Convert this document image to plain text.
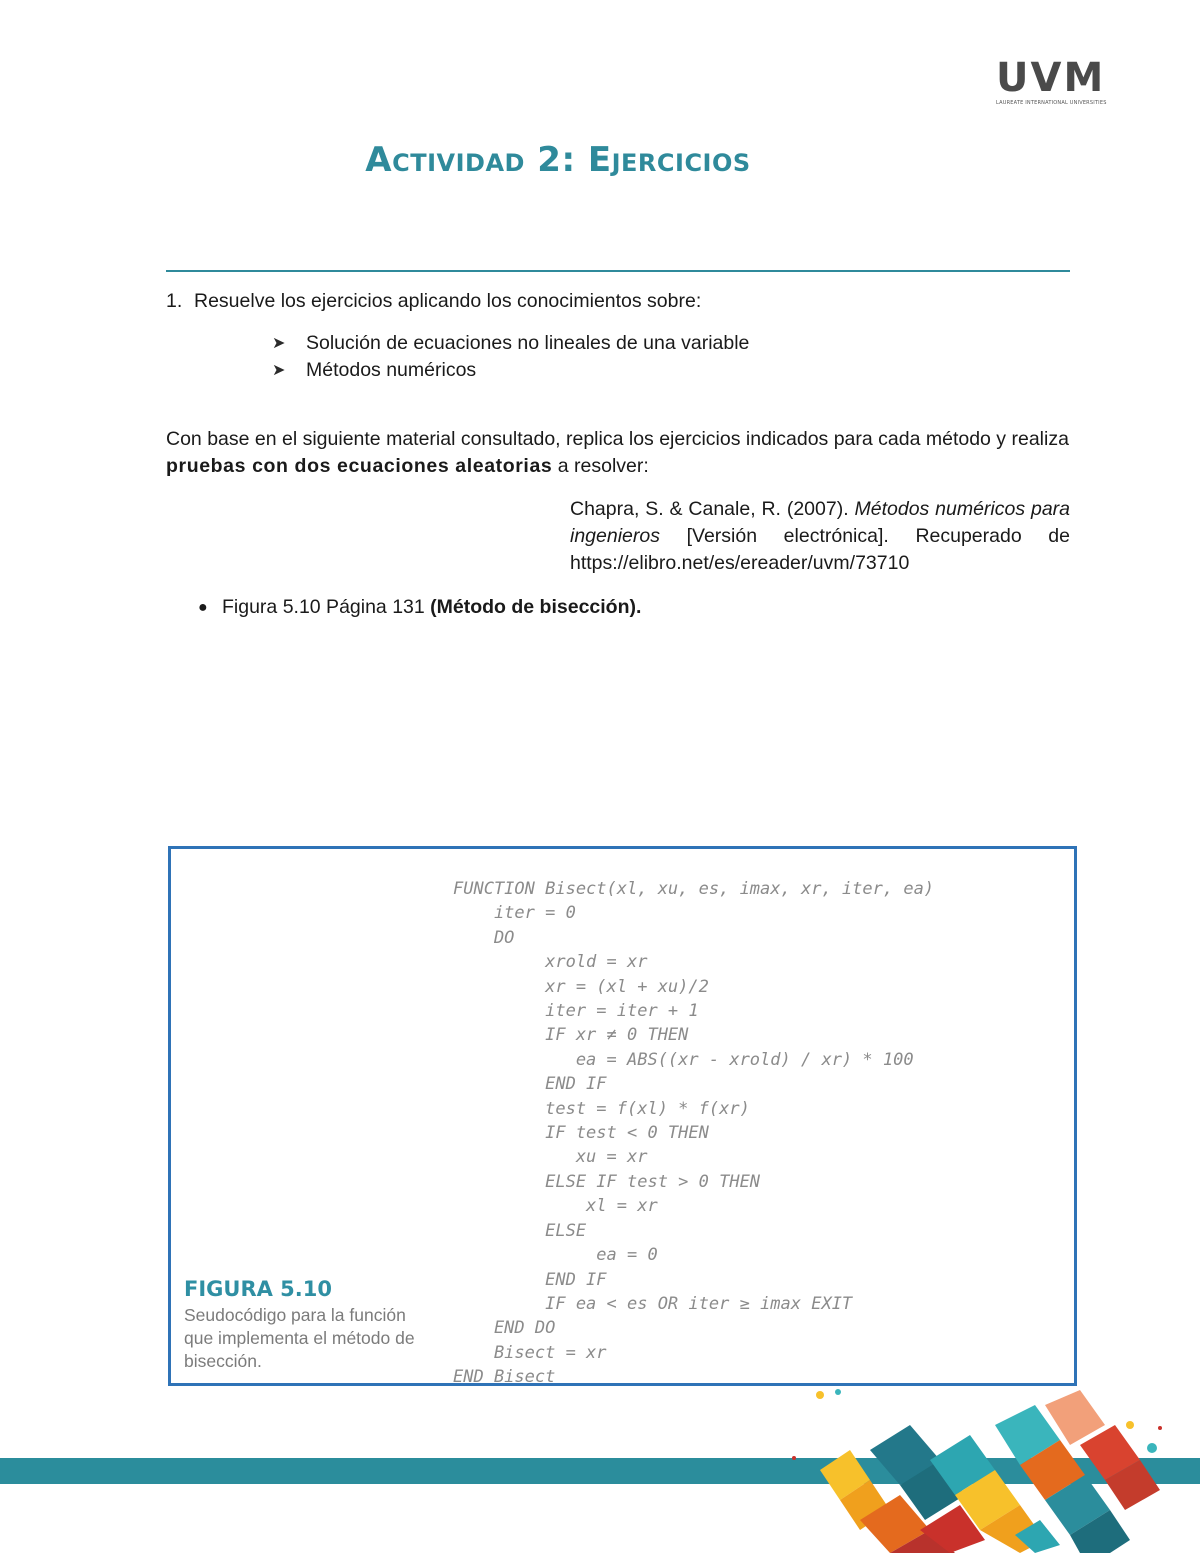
UVM
LAUREATE INTERNATIONAL UNIVERSITIES
Actividad 2: Ejercicios
1. Resuelve los ejercicios aplicando los conocimientos sobre:
➤	Solución de ecuaciones no lineales de una variable
➤	Métodos numéricos
Con base en el siguiente material consultado, replica los ejercicios indicados para cada método y realiza pruebas con dos ecuaciones aleatorias a resolver:
Chapra, S. & Canale, R. (2007). Métodos numéricos para ingenieros [Versión electrónica]. Recuperado de https://elibro.net/es/ereader/uvm/73710
● Figura 5.10 Página 131 (Método de bisección).
FUNCTION Bisect(xl, xu, es, imax, xr, iter, ea)
iter = 0
DO
xrold = xr
xr = (xl + xu)/2
iter = iter + 1
IF xr ≠ 0 THEN
ea = ABS((xr - xrold) / xr) * 100
END IF
test = f(xl) * f(xr)
IF test < 0 THEN
xu = xr
ELSE IF test > 0 THEN
xl = xr
ELSE
ea = 0
END IF
IF ea < es OR iter ≥ imax EXIT
END DO
Bisect = xr
END Bisect
FIGURA 5.10
Seudocódigo para la función que implementa el método de bisección.
